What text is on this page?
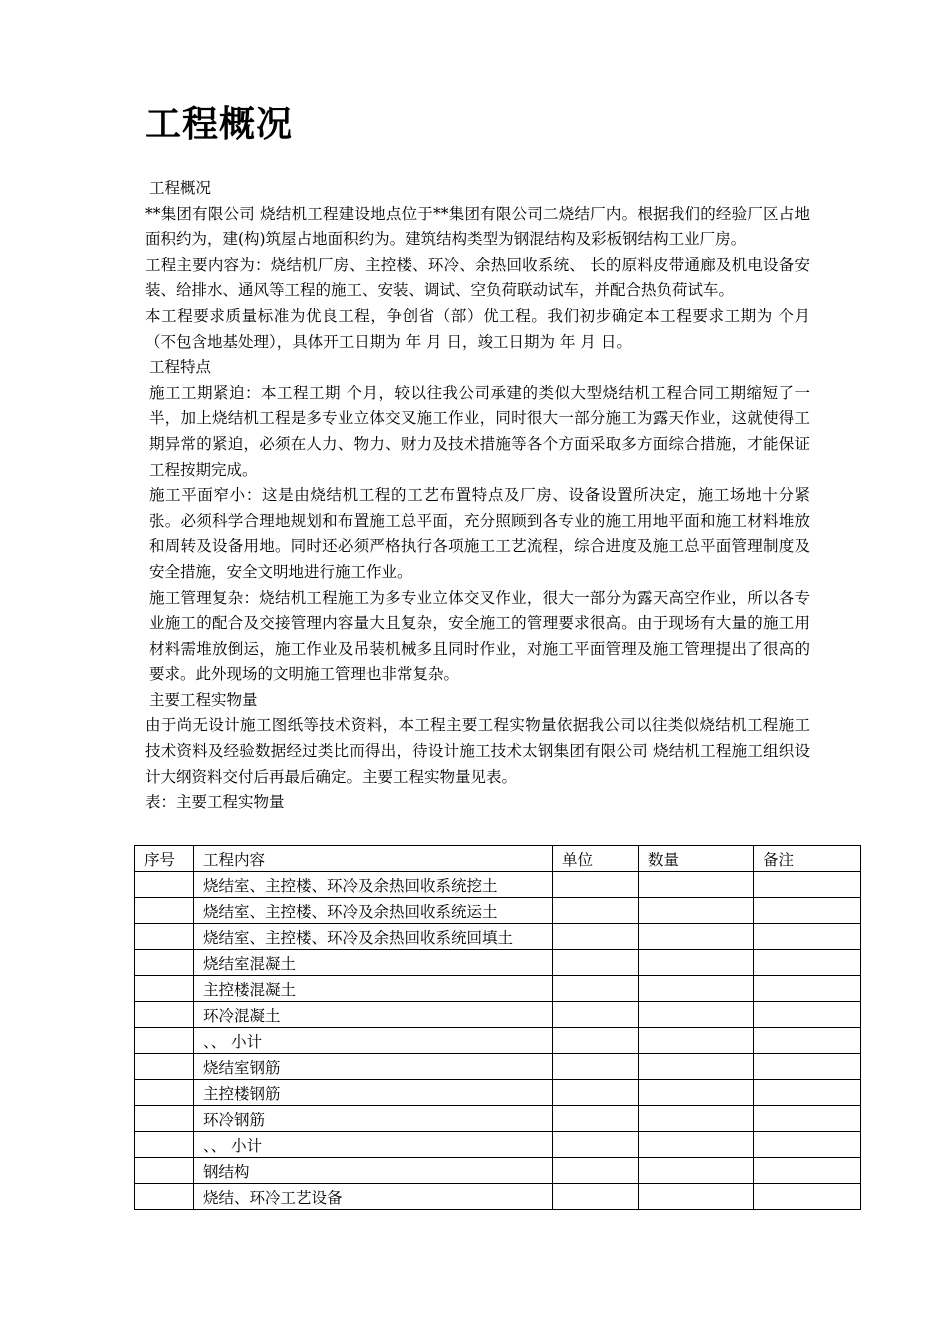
工程概况

工程概况

**集团有限公司 烧结机工程建设地点位于**集团有限公司二烧结厂内。根据我们的经验厂区占地面积约为，建(构)筑屋占地面积约为。建筑结构类型为钢混结构及彩板钢结构工业厂房。

工程主要内容为：烧结机厂房、主控楼、环冷、余热回收系统、 长的原料皮带通廊及机电设备安装、给排水、通风等工程的施工、安装、调试、空负荷联动试车，并配合热负荷试车。

本工程要求质量标准为优良工程，争创省（部）优工程。我们初步确定本工程要求工期为 个月（不包含地基处理），具体开工日期为 年 月 日，竣工日期为 年 月 日。

工程特点

施工工期紧迫：本工程工期 个月，较以往我公司承建的类似大型烧结机工程合同工期缩短了一半，加上烧结机工程是多专业立体交叉施工作业，同时很大一部分施工为露天作业，这就使得工期异常的紧迫，必须在人力、物力、财力及技术措施等各个方面采取多方面综合措施，才能保证工程按期完成。

施工平面窄小：这是由烧结机工程的工艺布置特点及厂房、设备设置所决定，施工场地十分紧张。必须科学合理地规划和布置施工总平面，充分照顾到各专业的施工用地平面和施工材料堆放和周转及设备用地。同时还必须严格执行各项施工工艺流程，综合进度及施工总平面管理制度及安全措施，安全文明地进行施工作业。

施工管理复杂：烧结机工程施工为多专业立体交叉作业，很大一部分为露天高空作业，所以各专业施工的配合及交接管理内容量大且复杂，安全施工的管理要求很高。由于现场有大量的施工用材料需堆放倒运，施工作业及吊装机械多且同时作业，对施工平面管理及施工管理提出了很高的要求。此外现场的文明施工管理也非常复杂。

主要工程实物量

由于尚无设计施工图纸等技术资料，本工程主要工程实物量依据我公司以往类似烧结机工程施工技术资料及经验数据经过类比而得出，待设计施工技术太钢集团有限公司 烧结机工程施工组织设计大纲资料交付后再最后确定。主要工程实物量见表。

表：主要工程实物量

序号	工程内容	单位	数量	备注
	烧结室、主控楼、环冷及余热回收系统挖土			
	烧结室、主控楼、环冷及余热回收系统运土			
	烧结室、主控楼、环冷及余热回收系统回填土			
	烧结室混凝土			
	主控楼混凝土			
	环冷混凝土			
	、、 小计			
	烧结室钢筋			
	主控楼钢筋			
	环冷钢筋			
	、、 小计			
	钢结构			
	烧结、环冷工艺设备			
